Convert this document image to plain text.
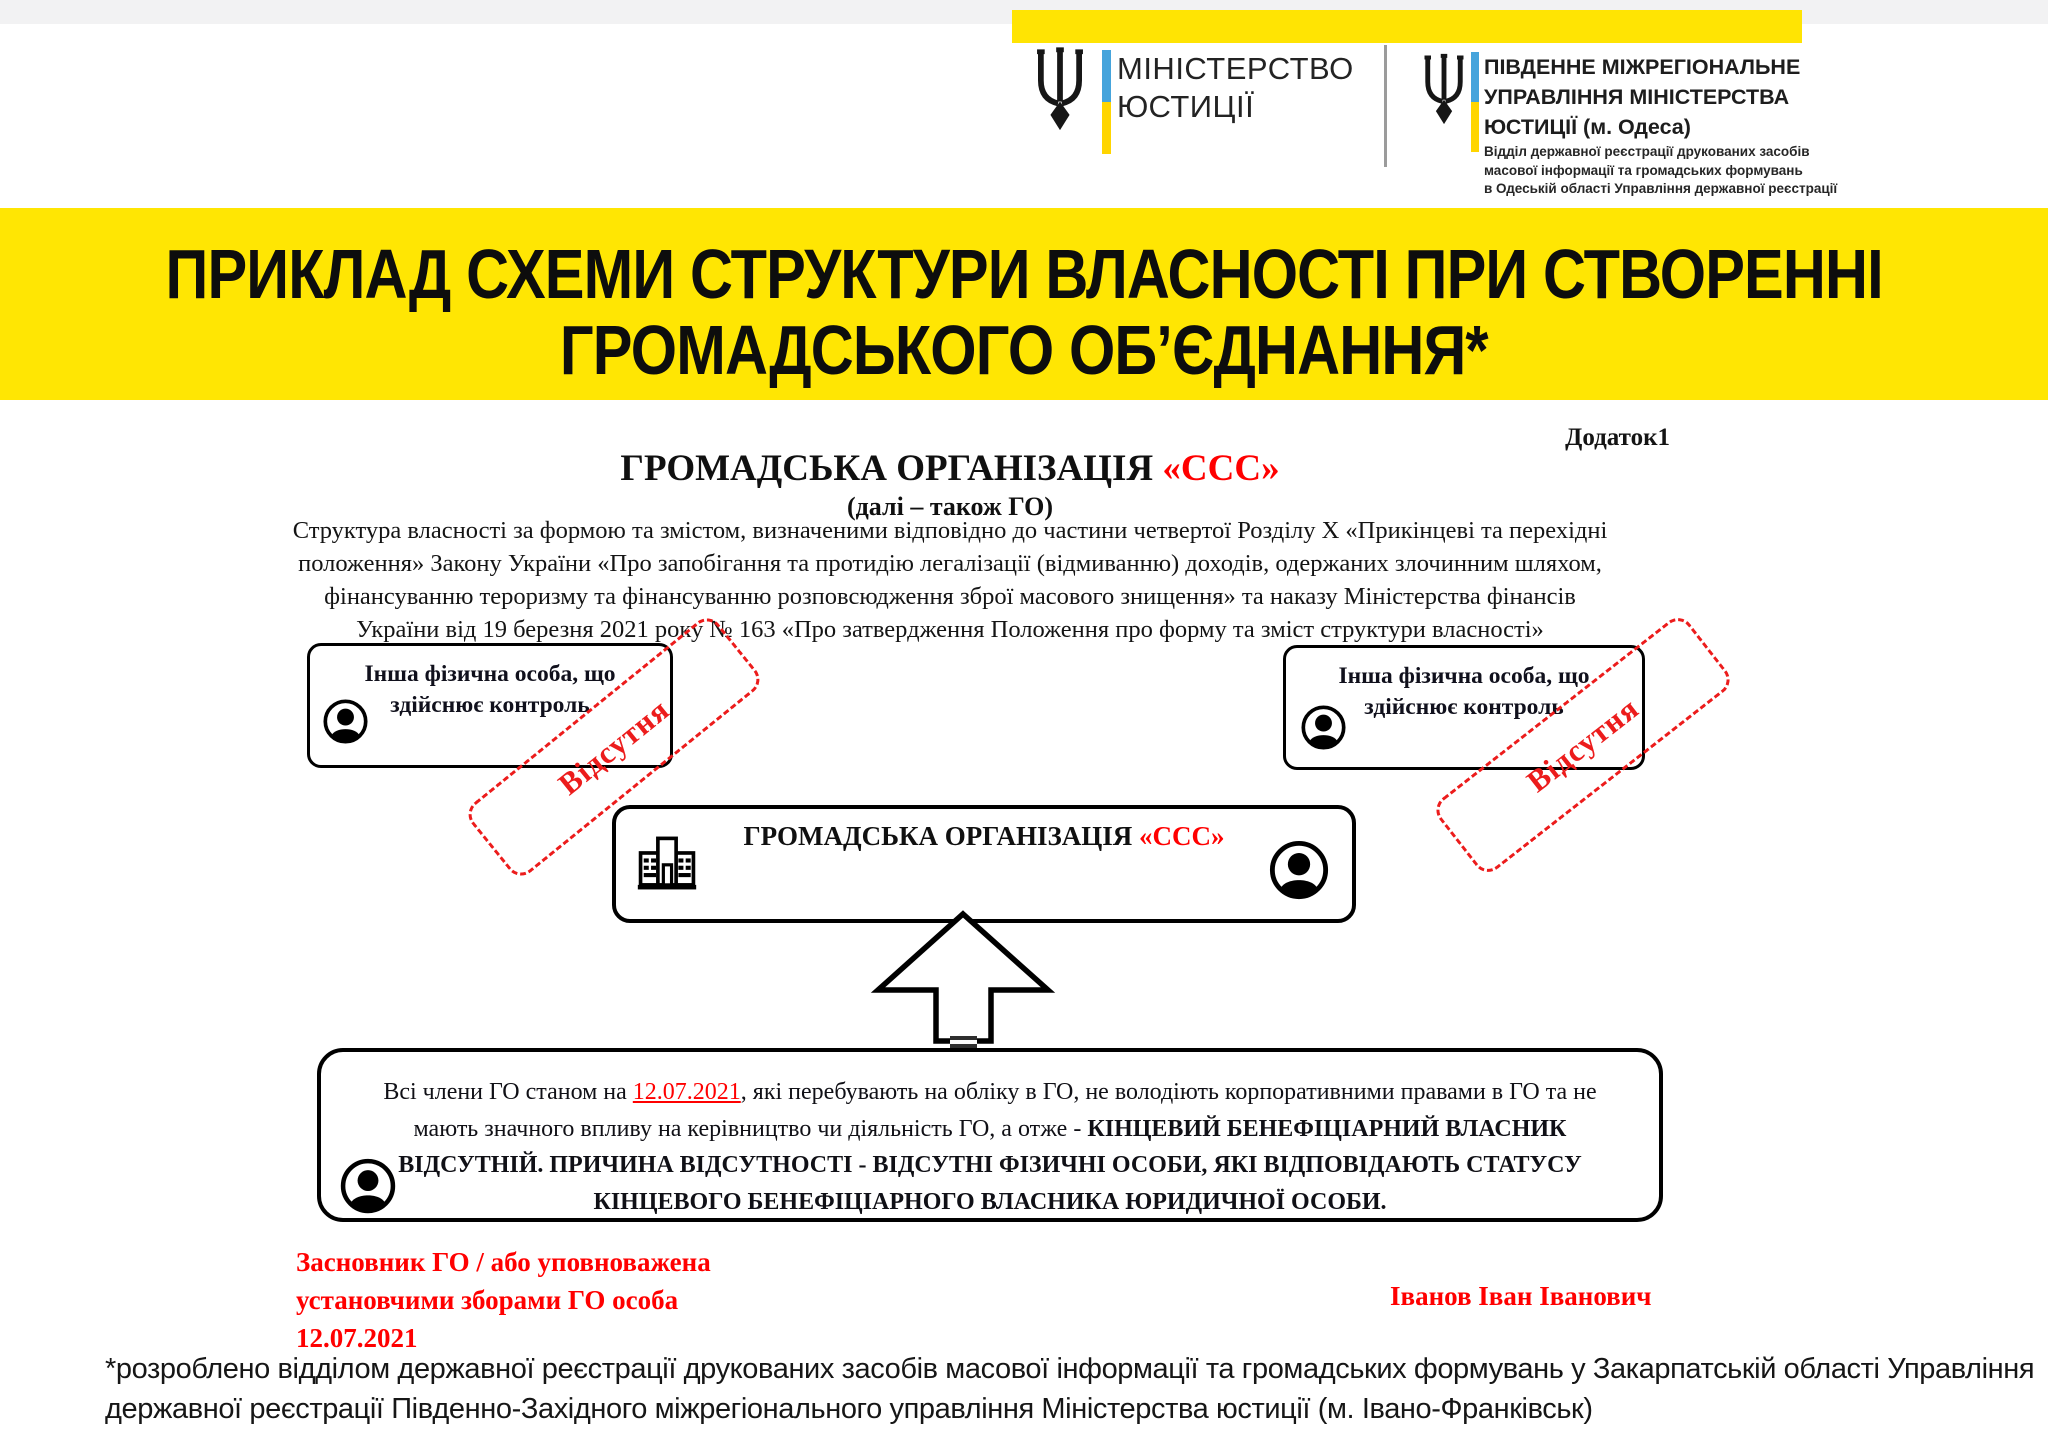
МІНІСТЕРСТВО
ЮСТИЦІЇ
ПІВДЕННЕ МІЖРЕГІОНАЛЬНЕ
УПРАВЛІННЯ МІНІСТЕРСТВА
ЮСТИЦІЇ (м. Одеса)
Відділ державної реєстрації друкованих засобів
масової інформації та громадських формувань
в Одеській області Управління державної реєстрації
ПРИКЛАД СХЕМИ СТРУКТУРИ ВЛАСНОСТІ ПРИ СТВОРЕННІ
ГРОМАДСЬКОГО ОБ’ЄДНАННЯ*
Додаток1
ГРОМАДСЬКА ОРГАНІЗАЦІЯ «ССС»
(далі – також ГО)
Структура власності за формою та змістом, визначеними відповідно до частини четвертої Розділу X «Прикінцеві та перехідні
положення» Закону України «Про запобігання та протидію легалізації (відмиванню) доходів, одержаних злочинним шляхом,
фінансуванню тероризму та фінансуванню розповсюдження зброї масового знищення» та наказу Міністерства фінансів
України від 19 березня 2021 року № 163 «Про затвердження Положення про форму та зміст структури власності»
Інша фізична особа, що
здійснює контроль
Відсутня
Інша фізична особа, що
здійснює контроль
Відсутня
ГРОМАДСЬКА ОРГАНІЗАЦІЯ «ССС»
Всі члени ГО станом на 12.07.2021, які перебувають на обліку в ГО, не володіють корпоративними правами в ГО та не мають значного впливу на керівництво чи діяльність ГО, а отже - КІНЦЕВИЙ БЕНЕФІЦІАРНИЙ ВЛАСНИК ВІДСУТНІЙ. ПРИЧИНА ВІДСУТНОСТІ - ВІДСУТНІ ФІЗИЧНІ ОСОБИ, ЯКІ ВІДПОВІДАЮТЬ СТАТУСУ КІНЦЕВОГО БЕНЕФІЦІАРНОГО ВЛАСНИКА ЮРИДИЧНОЇ ОСОБИ.
Засновник ГО / або уповноважена
установчими зборами ГО особа
12.07.2021
Іванов Іван Іванович
*розроблено відділом державної реєстрації друкованих засобів масової інформації та громадських формувань у Закарпатській області Управління
державної реєстрації Південно-Західного міжрегіонального управління Міністерства юстиції (м. Івано-Франківськ)
